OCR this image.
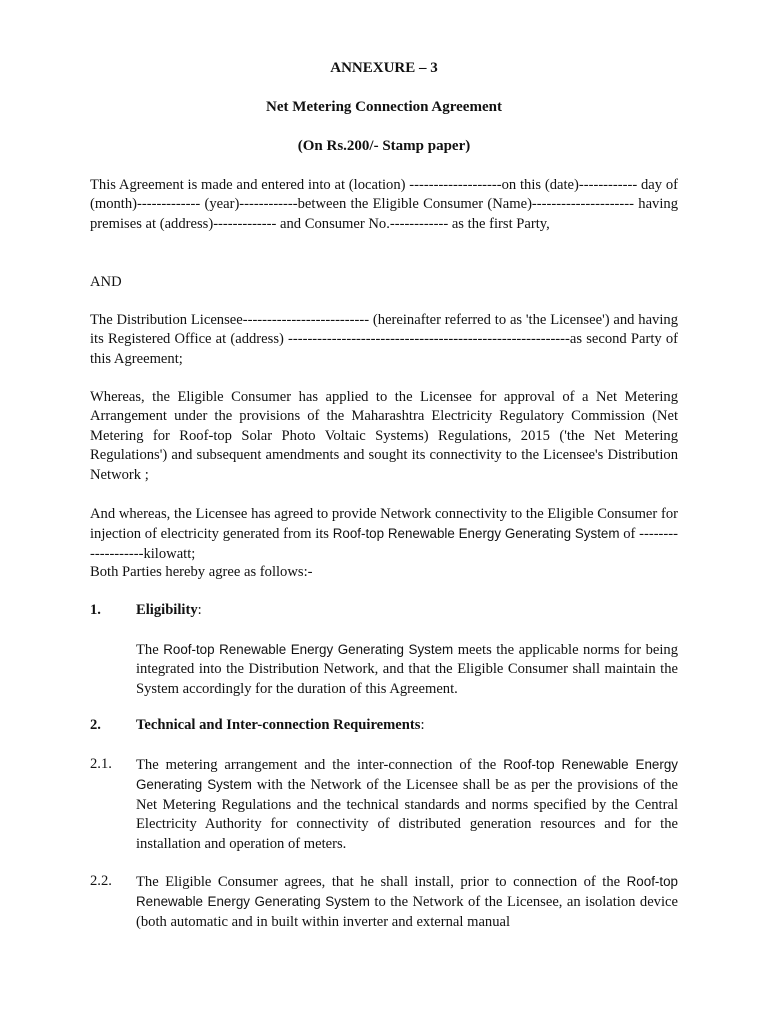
ANNEXURE – 3

Net Metering Connection Agreement

(On Rs.200/- Stamp paper)

This Agreement is made and entered into at (location) -------------------on this (date)------------ day of (month)------------- (year)------------between the Eligible Consumer (Name)--------------------- having premises at (address)------------- and Consumer No.------------ as the first Party,

AND

The Distribution Licensee-------------------------- (hereinafter referred to as 'the Licensee') and having its Registered Office at (address) ----------------------------------------------------------as second Party of this Agreement;

Whereas, the Eligible Consumer has applied to the Licensee for approval of a Net Metering Arrangement under the provisions of the Maharashtra Electricity Regulatory Commission (Net Metering for Roof-top Solar Photo Voltaic Systems) Regulations, 2015 ('the Net Metering Regulations') and subsequent amendments and sought its connectivity to the Licensee's Distribution Network ;

And whereas, the Licensee has agreed to provide Network connectivity to the Eligible Consumer for injection of electricity generated from its Roof-top Renewable Energy Generating System of -------------------kilowatt;

Both Parties hereby agree as follows:-

1. Eligibility:

The Roof-top Renewable Energy Generating System meets the applicable norms for being integrated into the Distribution Network, and that the Eligible Consumer shall maintain the System accordingly for the duration of this Agreement.

2. Technical and Inter-connection Requirements:

2.1. The metering arrangement and the inter-connection of the Roof-top Renewable Energy Generating System with the Network of the Licensee shall be as per the provisions of the Net Metering Regulations and the technical standards and norms specified by the Central Electricity Authority for connectivity of distributed generation resources and for the installation and operation of meters.

2.2. The Eligible Consumer agrees, that he shall install, prior to connection of the Roof-top Renewable Energy Generating System to the Network of the Licensee, an isolation device (both automatic and in built within inverter and external manual
